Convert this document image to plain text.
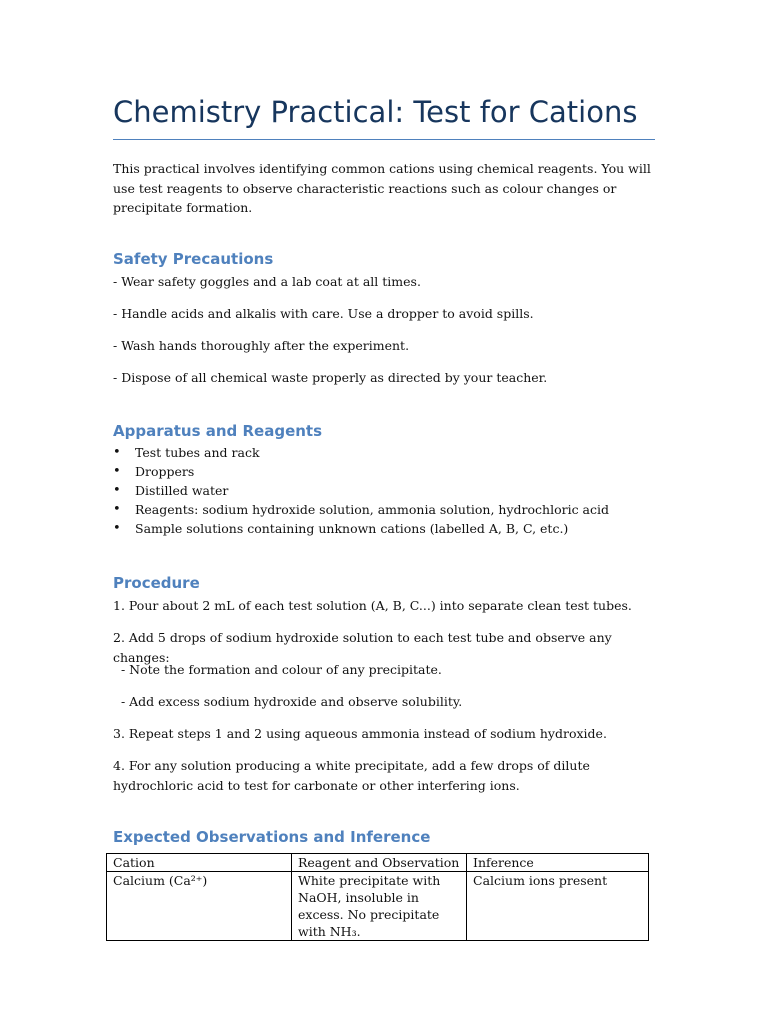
Chemistry Practical: Test for Cations

This practical involves identifying common cations using chemical reagents. You will use test reagents to observe characteristic reactions such as colour changes or precipitate formation.

Safety Precautions

- Wear safety goggles and a lab coat at all times.

- Handle acids and alkalis with care. Use a dropper to avoid spills.

- Wash hands thoroughly after the experiment.

- Dispose of all chemical waste properly as directed by your teacher.

Apparatus and Reagents
• Test tubes and rack
• Droppers
• Distilled water
• Reagents: sodium hydroxide solution, ammonia solution, hydrochloric acid
• Sample solutions containing unknown cations (labelled A, B, C, etc.)
Procedure

1. Pour about 2 mL of each test solution (A, B, C...) into separate clean test tubes.

2. Add 5 drops of sodium hydroxide solution to each test tube and observe any changes:

- Note the formation and colour of any precipitate.

- Add excess sodium hydroxide and observe solubility.

3. Repeat steps 1 and 2 using aqueous ammonia instead of sodium hydroxide.

4. For any solution producing a white precipitate, add a few drops of dilute hydrochloric acid to test for carbonate or other interfering ions.

Expected Observations and Inference
Cation	Reagent and Observation	Inference
Calcium (Ca²⁺)	White precipitate with NaOH, insoluble in excess. No precipitate with NH₃.	Calcium ions present
